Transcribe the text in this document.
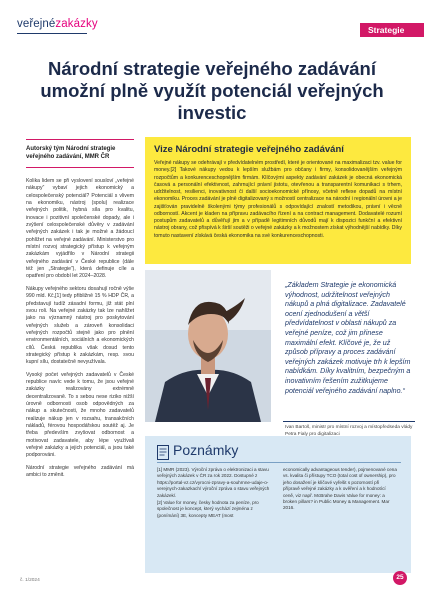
veřejnézakázky	Strategie
Národní strategie veřejného zadávání umožní plně využít potenciál veřejných investic
Autorský tým Národní strategie veřejného zadávání, MMR ČR

Kolika lidem se při vyslovení sousloví „veřejné nákupy“ vybaví jejich ekonomický a celospolečenský potenciál? Potenciál s vlivem na ekonomiku, nástroj (spolu) realizace veřejných politik, hybná síla pro kvalitu, inovace i pozitivní společenské dopady, ale i zvýšení celospolečenské důvěry v zadávání veřejných zakázek i tak je možné a žádoucí pohlížet na veřejné zadávání. Ministerstvo pro místní rozvoj strategický přístup k veřejným zakázkám vyjádřilo v Národní strategii veřejného zadávání v České republice (dále též jen „Strategie“), která definuje cíle a opatření pro období let 2024–2028.

Nákupy veřejného sektoru dosahují ročně výše 990 mld. Kč,[1] tedy přibližně 15 % HDP ČR, a představují tudíž zásadní formu, jíž stát plní svou roli. Na veřejné zakázky tak lze nahlížet jako na významný nástroj pro poskytování veřejných služeb a zároveň konsolidaci veřejných rozpočtů stejně jako pro plnění environmentálních, sociálních a ekonomických cílů. Česká republika však dosud tento strategický přístup k zakázkám, resp. svou kupní sílu, dostatečně nevyužívala.

Vysoký počet veřejných zadavatelů v České republice navíc vede k tomu, že jsou veřejné zakázky realizovány extrémně decentralizovaně. To s sebou nese riziko nižší úrovně odbornosti osob odpovědných za nákup a skutečnosti, že mnoho zadavatelů realizuje nákup jen v rozsahu, transakčních nákladů, férovou hospodářskou soutěž aj. Je třeba především zvyšovat odbornost a motivovat zadavatele, aby lépe využívali veřejné zakázky a jejich potenciál, a jsou také podporováni.

Národní strategie veřejného zadávání má ambici to změnit.

Vize Národní strategie veřejného zadávání
Veřejné nákupy se odehrávají v předvídatelném prostředí, které je orientované na maximalizaci tzv. value for money.[2] Takové nákupy vedou k lepším službám pro občany i firmy, konsolidovanějším veřejným rozpočtům a konkurenceschopnějším firmám. Klíčovými aspekty zadávání zakázek je obecná ekonomická časová a personální efektivnost, zahrnující právní jistotu, otevřenou a transparentní komunikaci s trhem, udržitelnost, resilienci, inovativnost či další socioekonomické přínosy, včetně reflexe dopadů na místní ekonomiku. Proces zadávání je plně digitalizovaný s možností centralizace na národní i regionální úrovni a je zajišťován pravidelně školenými týmy profesionálů s odpovídající znalostí metodikou, právní i věcně odborností. Akcent je kladen na přípravu zadávacího řízení a na contract management. Dodavatelé rozumí postupům zadavatelů a důvěřují jim a v případě legitimních důvodů mají k dispozici funkční a efektivní nástroj obrany, což přispívá k širší soutěži o veřejné zakázky a k možnostem získat výhodnější nabídky. Díky tomuto nastavení získává česká ekonomika na své konkurenceschopnosti.
„Základem Strategie je ekonomická výhodnost, udržitelnost veřejných nákupů a plná digitalizace. Zadavatelé ocení zjednodušení a větší předvídatelnost v oblasti nákupů za veřejné peníze, což jim přinese maximální efekt. Klíčové je, že už způsob přípravy a proces zadávání veřejných zakázek motivuje trh k lepším nabídkám. Díky kvalitním, bezpečným a inovativním řešením zužitkujeme potenciál veřejného zadávání naplno.“
Ivan Bartoš, ministr pro místní rozvoj a místopředseda vlády Petra Fialy pro digitalizaci
Poznámky

[1] MMR (2023). Výroční zpráva o elektronizaci a stavu veřejných zakázek v ČR za rok 2022. Dostupné z https://portal-vz.cz/vyrocni-zpravy-a-souhrnne-udaje-o-verejnych-zakazkach/ výroční zpráva o stavu veřejných zakázek/.

[2] Value for money, česky hodnota za peníze, pro společnost je koncept, který vychází zejména z (ponímání) 3E, koncepty MEAT (most

economically advantageous tender), pojmenované cena vs. kvalita či přístupy TCO (total cost of ownership), pro jeho dosažení je klíčové vyřešit s pozorností při přípravě veřejné zakázky a k ověření a k hodnotící ceně, viz např. McBrahe Davis Value for money: a broken pillars? in Public Money & Management. Mar 2016.

č. 1/2024	25
